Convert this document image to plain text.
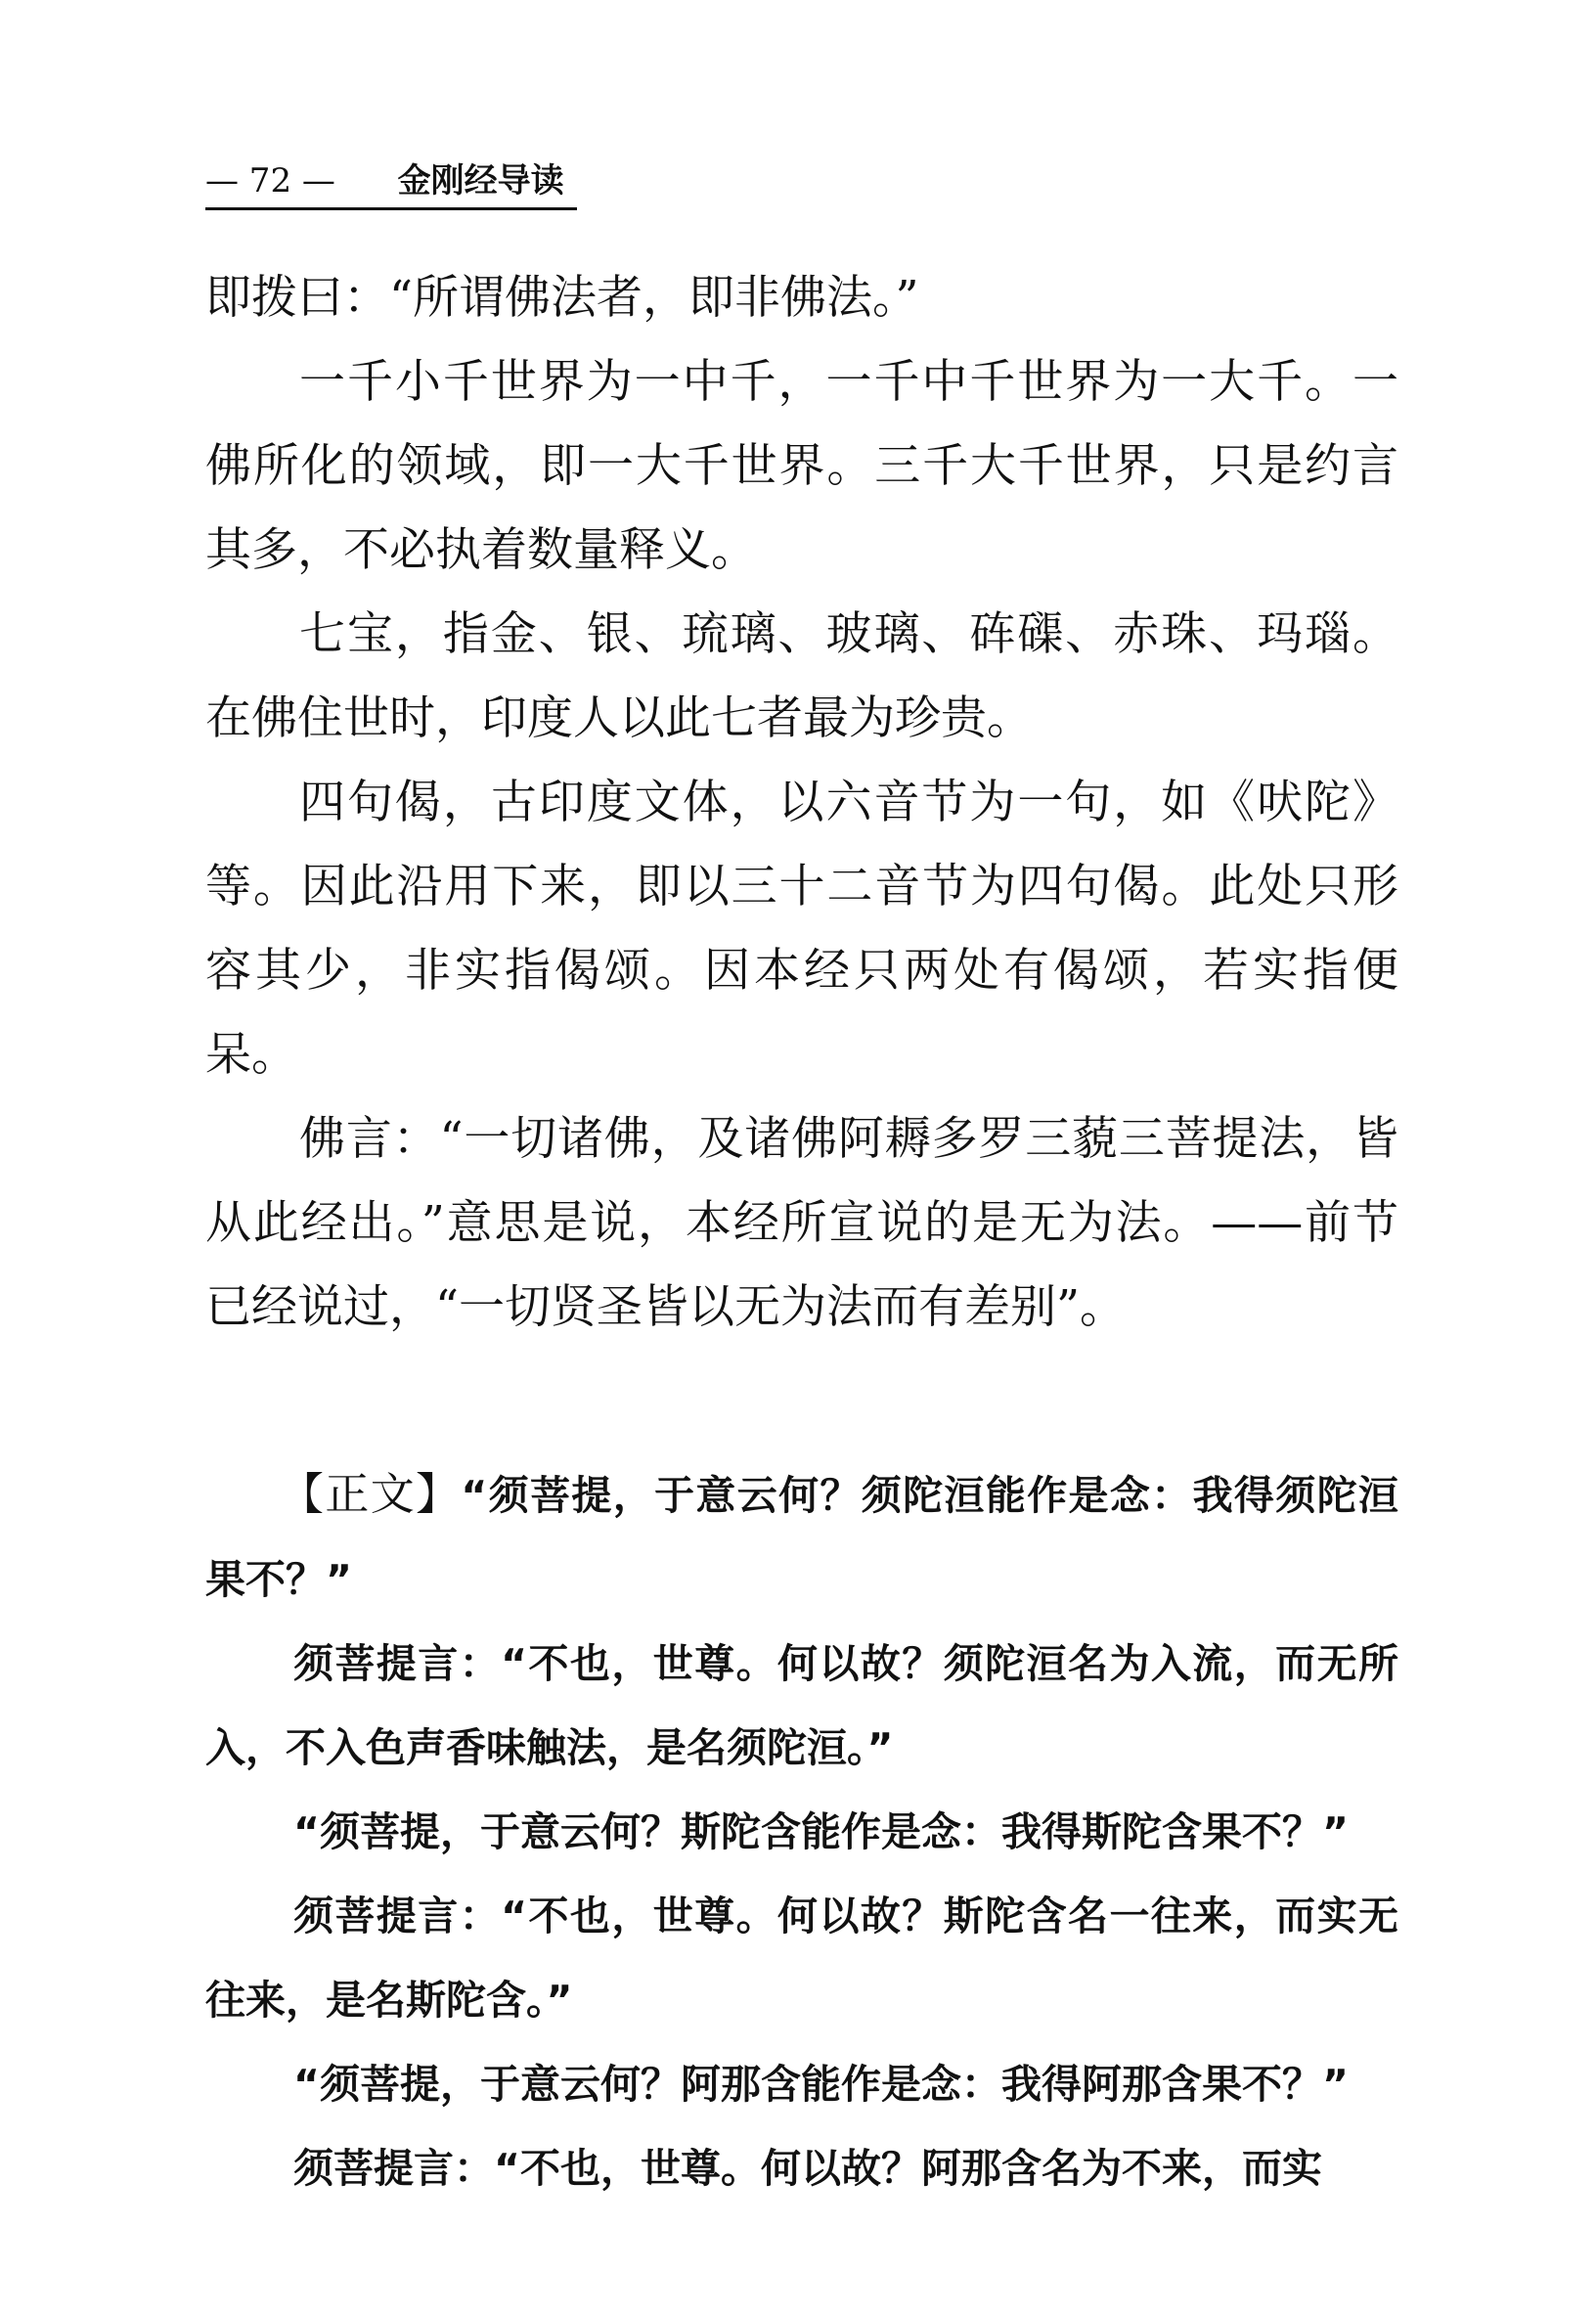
— 72 — 金刚经导读

即拨曰：“所谓佛法者，即非佛法。”

一千小千世界为一中千，一千中千世界为一大千。一佛所化的领域，即一大千世界。三千大千世界，只是约言其多，不必执着数量释义。

七宝，指金、银、琉璃、玻璃、砗磲、赤珠、玛瑙。在佛住世时，印度人以此七者最为珍贵。

四句偈，古印度文体，以六音节为一句，如《吠陀》等。因此沿用下来，即以三十二音节为四句偈。此处只形容其少，非实指偈颂。因本经只两处有偈颂，若实指便呆。

佛言：“一切诸佛，及诸佛阿耨多罗三藐三菩提法，皆从此经出。”意思是说，本经所宣说的是无为法。——前节已经说过，“一切贤圣皆以无为法而有差别”。

【正文】“须菩提，于意云何？须陀洹能作是念：我得须陀洹果不？”

须菩提言：“不也，世尊。何以故？须陀洹名为入流，而无所入，不入色声香味触法，是名须陀洹。”

“须菩提，于意云何？斯陀含能作是念：我得斯陀含果不？”

须菩提言：“不也，世尊。何以故？斯陀含名一往来，而实无往来，是名斯陀含。”

“须菩提，于意云何？阿那含能作是念：我得阿那含果不？”

须菩提言：“不也，世尊。何以故？阿那含名为不来，而实
